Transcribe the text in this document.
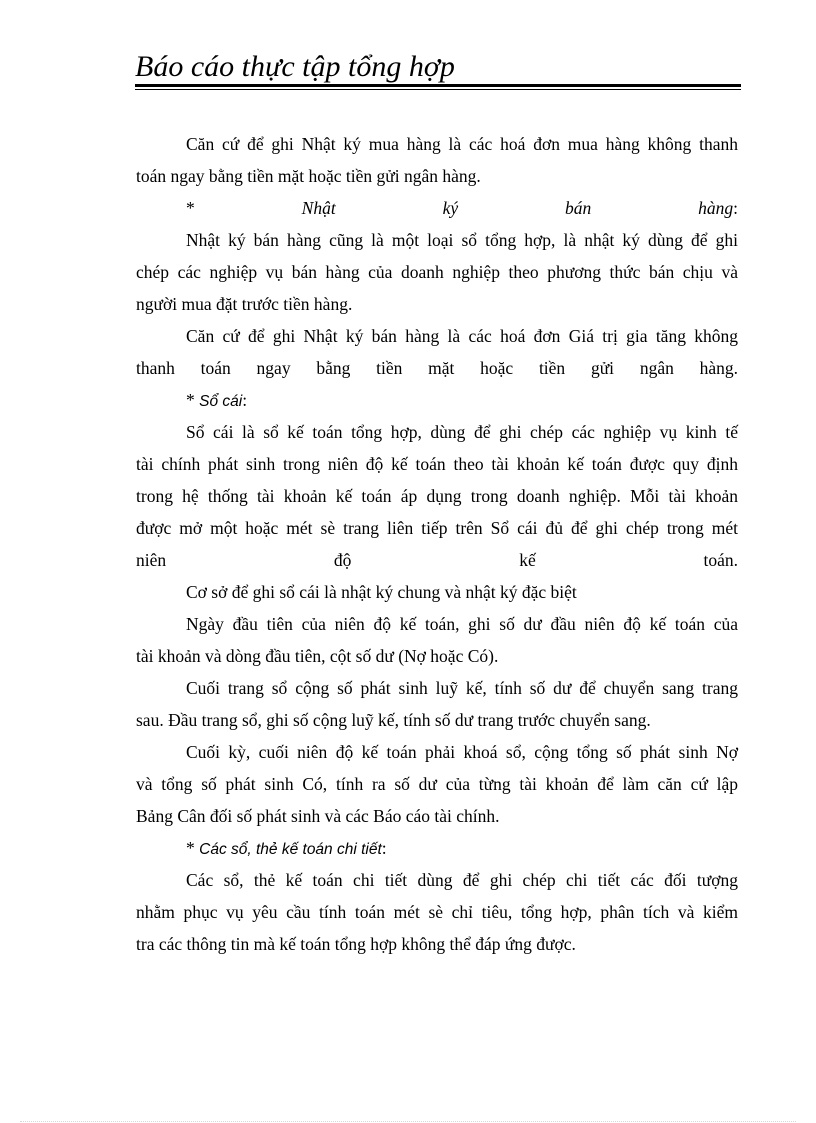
Báo cáo thực tập tổng hợp
Căn cứ để ghi Nhật ký mua hàng là các hoá đơn mua hàng không thanh
toán ngay bằng tiền mặt hoặc tiền gửi ngân hàng.
*	Nhật	ký	bán	hàng:
Nhật ký bán hàng cũng là một loại sổ tổng hợp, là nhật ký dùng để ghi
chép các nghiệp vụ bán hàng của doanh nghiệp theo phương thức bán chịu và
người mua đặt trước tiền hàng.
Căn cứ để ghi Nhật ký bán hàng là các hoá đơn Giá trị gia tăng không
thanh toán ngay bằng tiền mặt hoặc tiền gửi ngân hàng.
* Sổ cái:
Sổ cái là sổ kế toán tổng hợp, dùng để ghi chép các nghiệp vụ kinh tế
tài chính phát sinh trong niên độ kế toán theo tài khoản kế toán được quy định
trong hệ thống tài khoản kế toán áp dụng trong doanh nghiệp. Mỗi tài khoản
được mở một hoặc mét sè trang liên tiếp trên Sổ cái đủ để ghi chép trong mét
niên độ kế toán.
Cơ sở để ghi sổ cái là nhật ký chung và nhật ký đặc biệt
Ngày đầu tiên của niên độ kế toán, ghi số dư đầu niên độ kế toán của
tài khoản và dòng đầu tiên, cột số dư (Nợ hoặc Có).
Cuối trang sổ cộng số phát sinh luỹ kế, tính số dư để chuyển sang trang
sau. Đầu trang sổ, ghi số cộng luỹ kế, tính số dư trang trước chuyển sang.
Cuối kỳ, cuối niên độ kế toán phải khoá sổ, cộng tổng số phát sinh Nợ
và tổng số phát sinh Có, tính ra số dư của từng tài khoản để làm căn cứ lập
Bảng Cân đối số phát sinh và các Báo cáo tài chính.
* Các sổ, thẻ kế toán chi tiết:
Các sổ, thẻ kế toán chi tiết dùng để ghi chép chi tiết các đối tượng
nhằm phục vụ yêu cầu tính toán mét sè chỉ tiêu, tổng hợp, phân tích và kiểm
tra các thông tin mà kế toán tổng hợp không thể đáp ứng được.
